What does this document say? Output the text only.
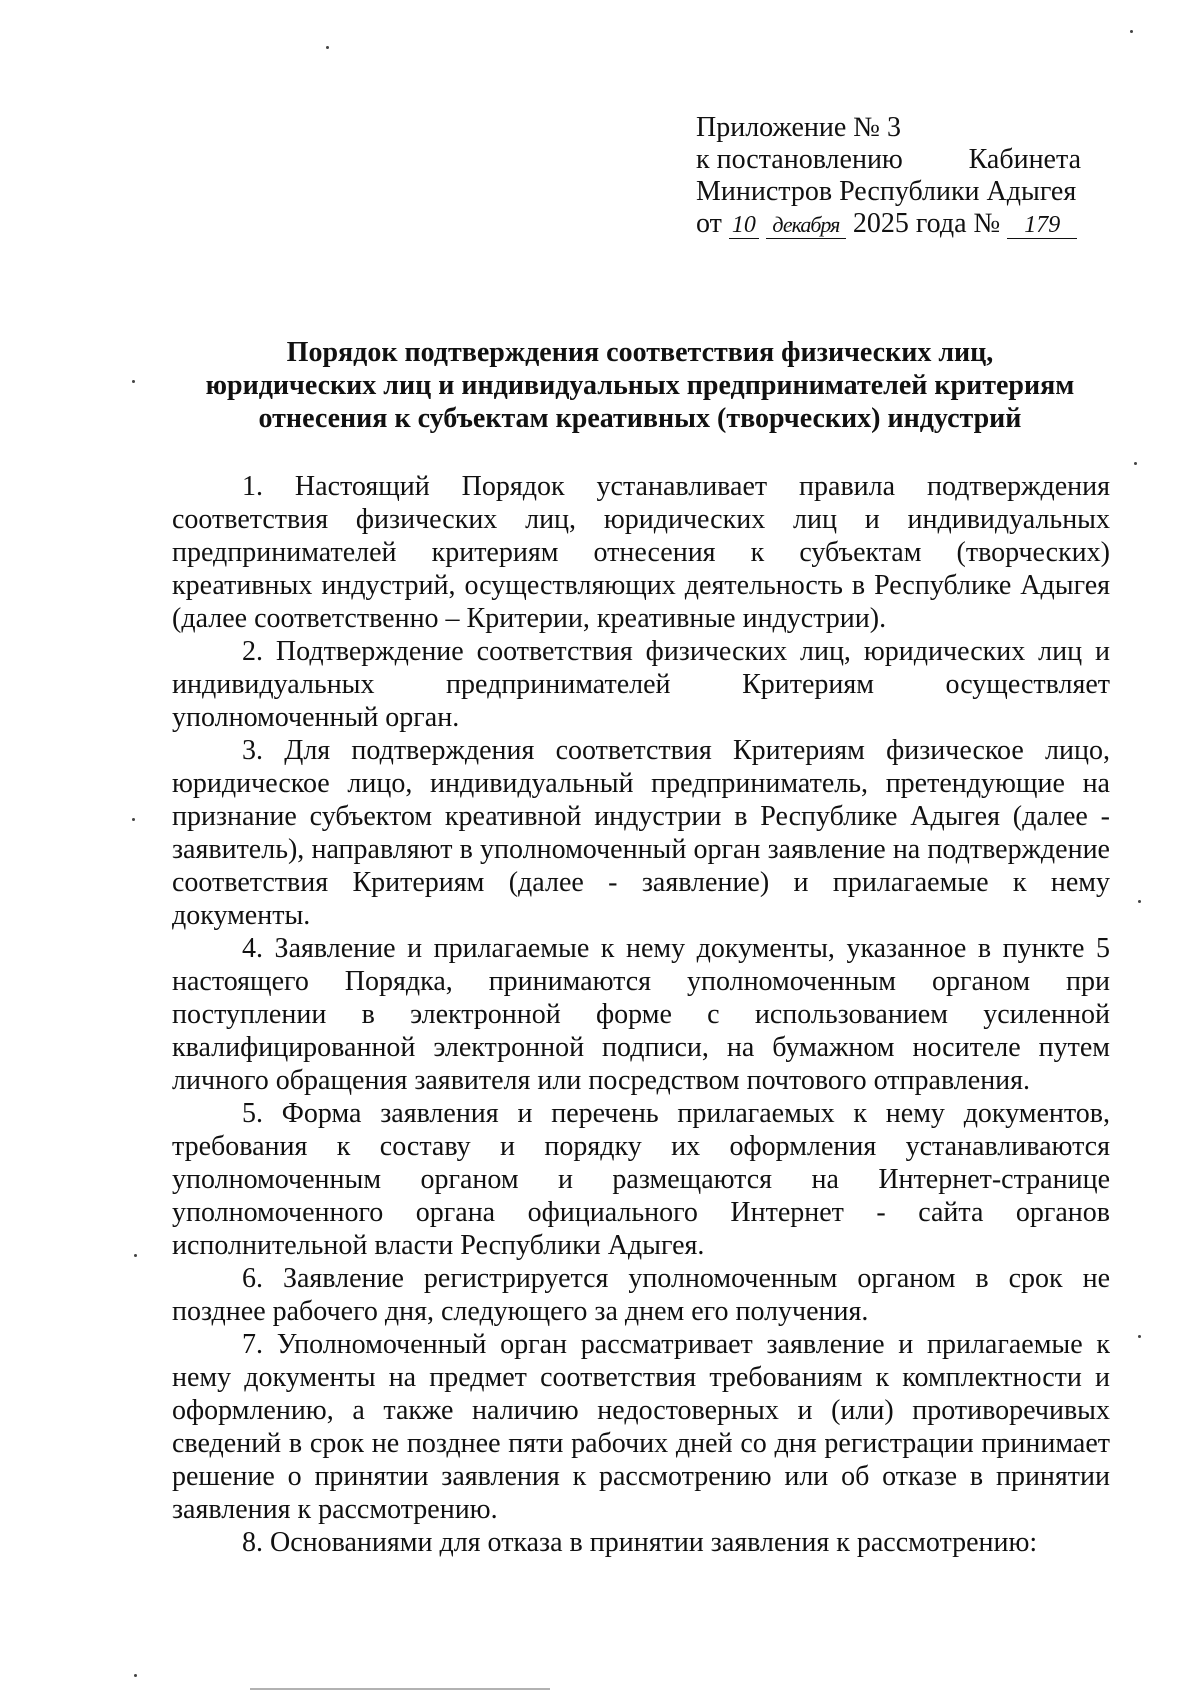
Приложение № 3
к постановлению Кабинета
Министров Республики Адыгея
от 10 декабря 2025 года № 179
Порядок подтверждения соответствия физических лиц,
юридических лиц и индивидуальных предпринимателей критериям
отнесения к субъектам креативных (творческих) индустрий

1. Настоящий Порядок устанавливает правила подтверждения соответствия физических лиц, юридических лиц и индивидуальных предпринимателей критериям отнесения к субъектам (творческих) креативных индустрий, осуществляющих деятельность в Республике Адыгея (далее соответственно – Критерии, креативные индустрии).

2. Подтверждение соответствия физических лиц, юридических лиц и индивидуальных предпринимателей Критериям осуществляет уполномоченный орган.

3. Для подтверждения соответствия Критериям физическое лицо, юридическое лицо, индивидуальный предприниматель, претендующие на признание субъектом креативной индустрии в Республике Адыгея (далее - заявитель), направляют в уполномоченный орган заявление на подтверждение соответствия Критериям (далее - заявление) и прилагаемые к нему документы.

4. Заявление и прилагаемые к нему документы, указанное в пункте 5 настоящего Порядка, принимаются уполномоченным органом при поступлении в электронной форме с использованием усиленной квалифицированной электронной подписи, на бумажном носителе путем личного обращения заявителя или посредством почтового отправления.

5. Форма заявления и перечень прилагаемых к нему документов, требования к составу и порядку их оформления устанавливаются уполномоченным органом и размещаются на Интернет-странице уполномоченного органа официального Интернет - сайта органов исполнительной власти Республики Адыгея.

6. Заявление регистрируется уполномоченным органом в срок не позднее рабочего дня, следующего за днем его получения.

7. Уполномоченный орган рассматривает заявление и прилагаемые к нему документы на предмет соответствия требованиям к комплектности и оформлению, а также наличию недостоверных и (или) противоречивых сведений в срок не позднее пяти рабочих дней со дня регистрации принимает решение о принятии заявления к рассмотрению или об отказе в принятии заявления к рассмотрению.

8. Основаниями для отказа в принятии заявления к рассмотрению:
